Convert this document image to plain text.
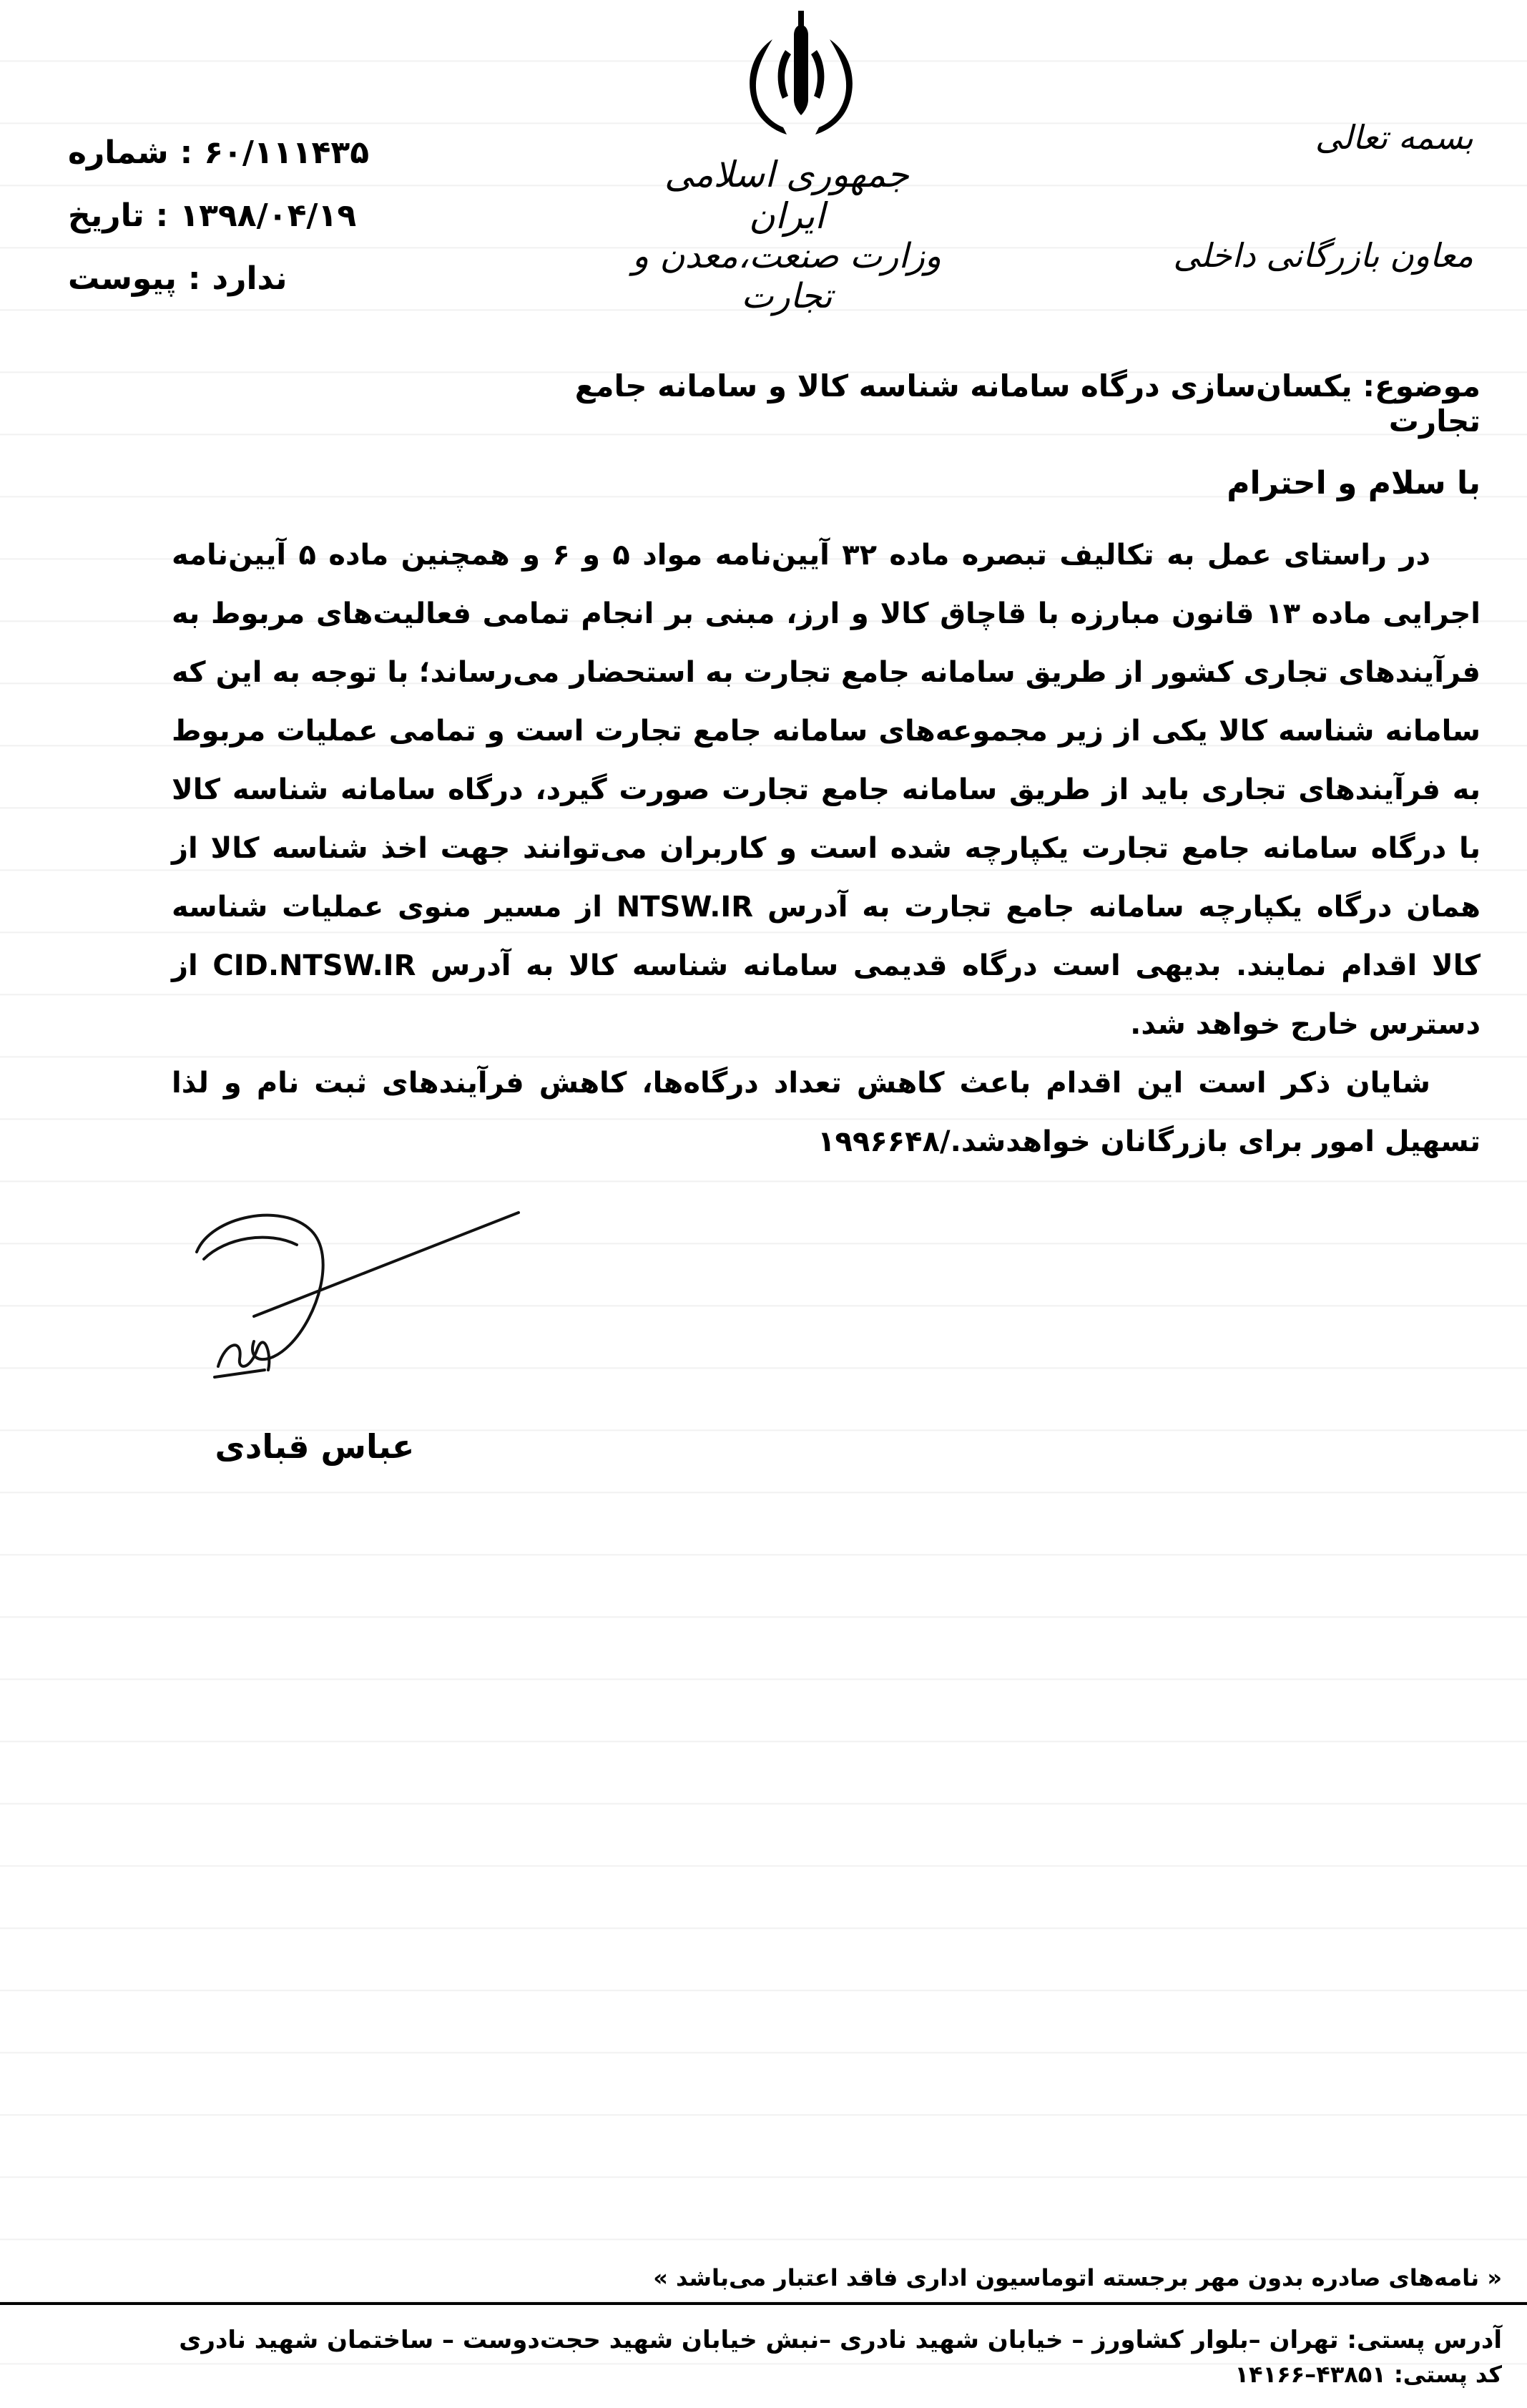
شماره : ۶۰/۱۱۱۴۳۵
تاریخ : ۱۳۹۸/۰۴/۱۹
پیوست : ندارد
جمهوری اسلامی ایران
وزارت صنعت،معدن و تجارت
بسمه تعالی
معاون بازرگانی داخلی
موضوع: یکسان‌سازی درگاه سامانه شناسه کالا و سامانه جامع تجارت
با سلام و احترام

در راستای عمل به تکالیف تبصره ماده ۳۲ آیین‌نامه مواد ۵ و ۶ و همچنین ماده ۵ آیین‌نامه اجرایی ماده ۱۳ قانون مبارزه با قاچاق کالا و ارز، مبنی بر انجام تمامی فعالیت‌های مربوط به فرآیندهای تجاری کشور از طریق سامانه جامع تجارت به استحضار می‌رساند؛ با توجه به این که سامانه شناسه کالا یکی از زیر مجموعه‌های سامانه جامع تجارت است و تمامی عملیات مربوط به فرآیندهای تجاری باید از طریق سامانه جامع تجارت صورت گیرد، درگاه سامانه شناسه کالا با درگاه سامانه جامع تجارت یکپارچه شده است و کاربران می‌توانند جهت اخذ شناسه کالا از همان درگاه یکپارچه سامانه جامع تجارت به آدرس NTSW.IR از مسیر منوی عملیات شناسه کالا اقدام نمایند. بدیهی است درگاه قدیمی سامانه شناسه کالا به آدرس CID.NTSW.IR از دسترس خارج خواهد شد.

شایان ذکر است این اقدام باعث کاهش تعداد درگاه‌ها، کاهش فرآیندهای ثبت نام و لذا تسهیل امور برای بازرگانان خواهدشد./۱۹۹۶۶۴۸

عباس قبادی
« نامه‌های صادره بدون مهر برجسته اتوماسیون اداری فاقد اعتبار می‌باشد »
آدرس پستی: تهران –بلوار کشاورز – خیابان شهید نادری –نبش خیابان شهید حجت‌دوست – ساختمان شهید نادری
کد پستی: ۴۳۸۵۱–۱۴۱۶۶
